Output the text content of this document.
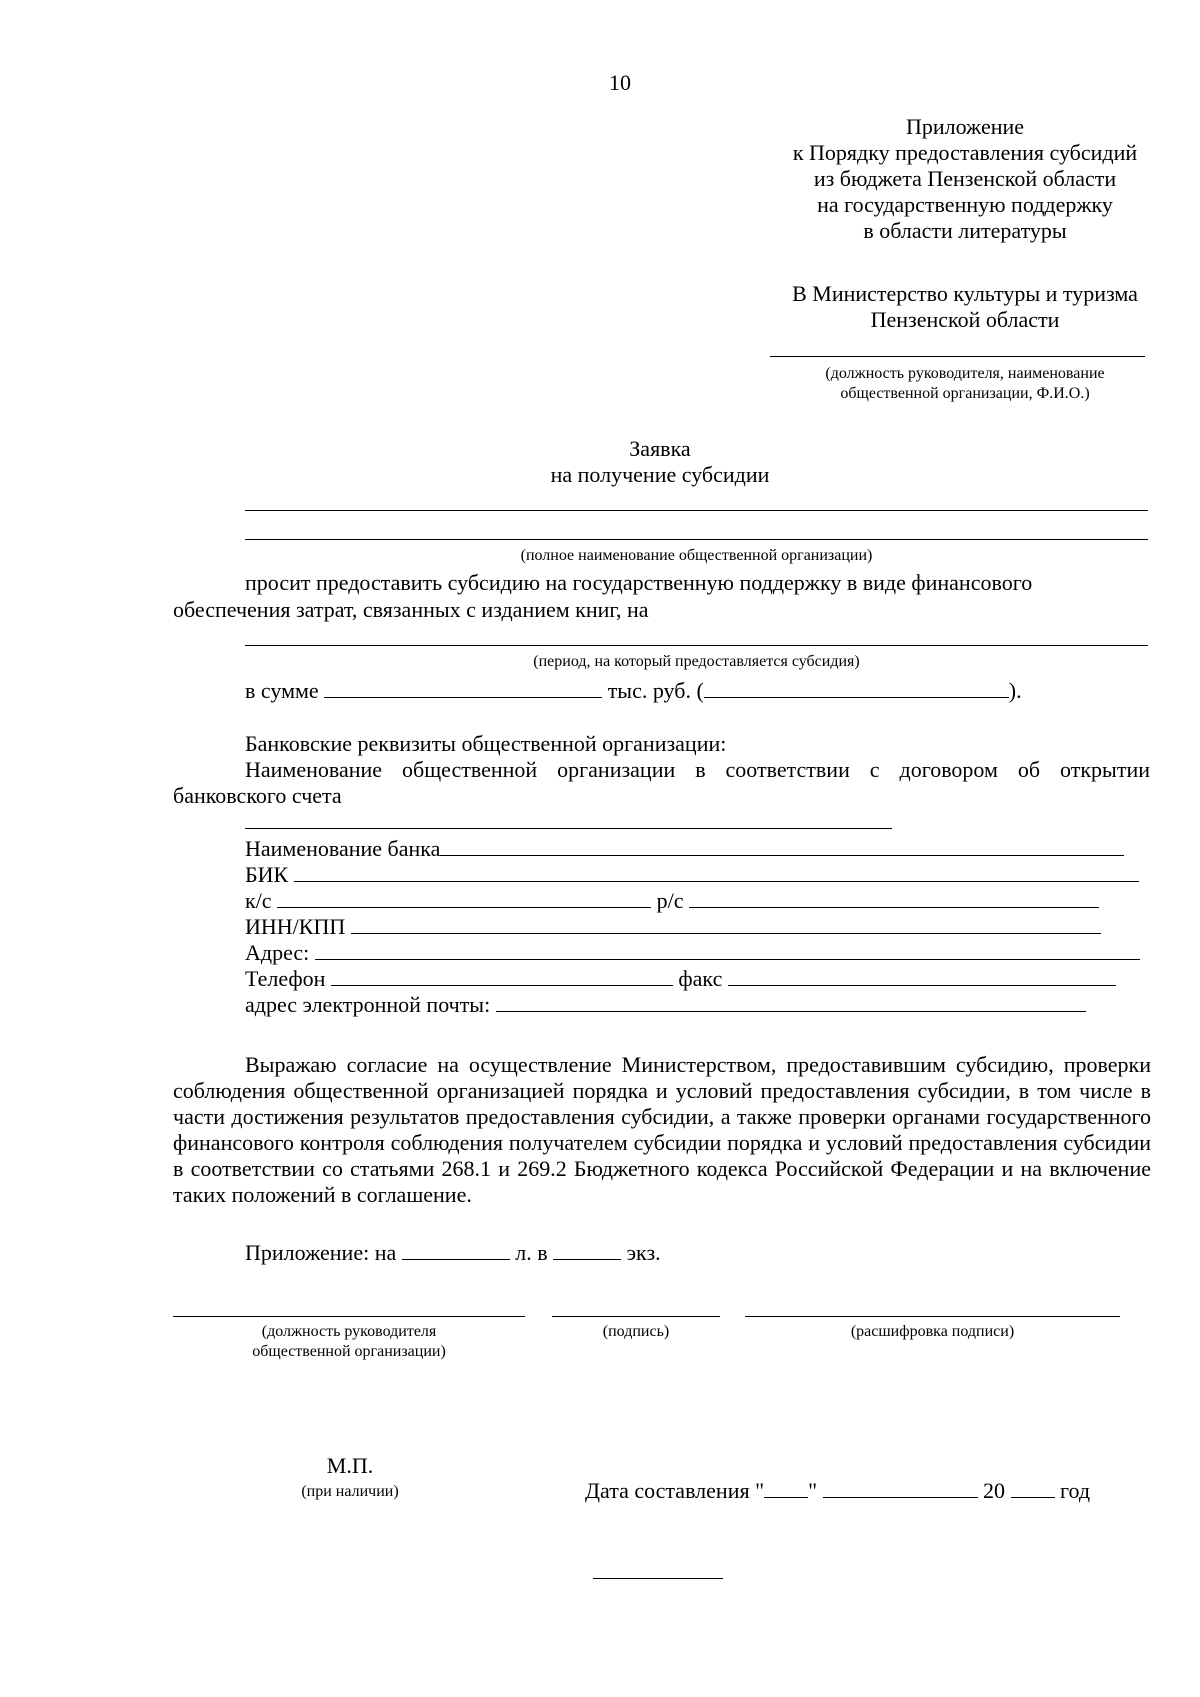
10
Приложение
к Порядку предоставления субсидий
из бюджета Пензенской области
на государственную поддержку
в области литературы
В Министерство культуры и туризма
Пензенской области
(должность руководителя, наименование
общественной организации, Ф.И.О.)
Заявка
на получение субсидии
(полное наименование общественной организации)
просит предоставить субсидию на государственную поддержку в виде финансового
обеспечения затрат, связанных с изданием книг, на
(период, на который предоставляется субсидия)
в сумме	тыс. руб. (	).
Банковские реквизиты общественной организации:
Наименование общественной организации в соответствии с договором об открытии
банковского счета
Наименование банка
БИК
к/с	р/с
ИНН/КПП
Адрес:
Телефон	факс
адрес электронной почты:
Выражаю согласие на осуществление Министерством, предоставившим субсидию, проверки соблюдения общественной организацией порядка и условий предоставления субсидии, в том числе в части достижения результатов предоставления субсидии, а также проверки органами государственного финансового контроля соблюдения получателем субсидии порядка и условий предоставления субсидии в соответствии со статьями 268.1 и 269.2 Бюджетного кодекса Российской Федерации и на включение таких положений в соглашение.
Приложение: на	л. в	экз.
(должность руководителя
общественной организации)
(подпись)	(расшифровка подписи)
М.П.
(при наличии)	Дата составления " "	20	год
